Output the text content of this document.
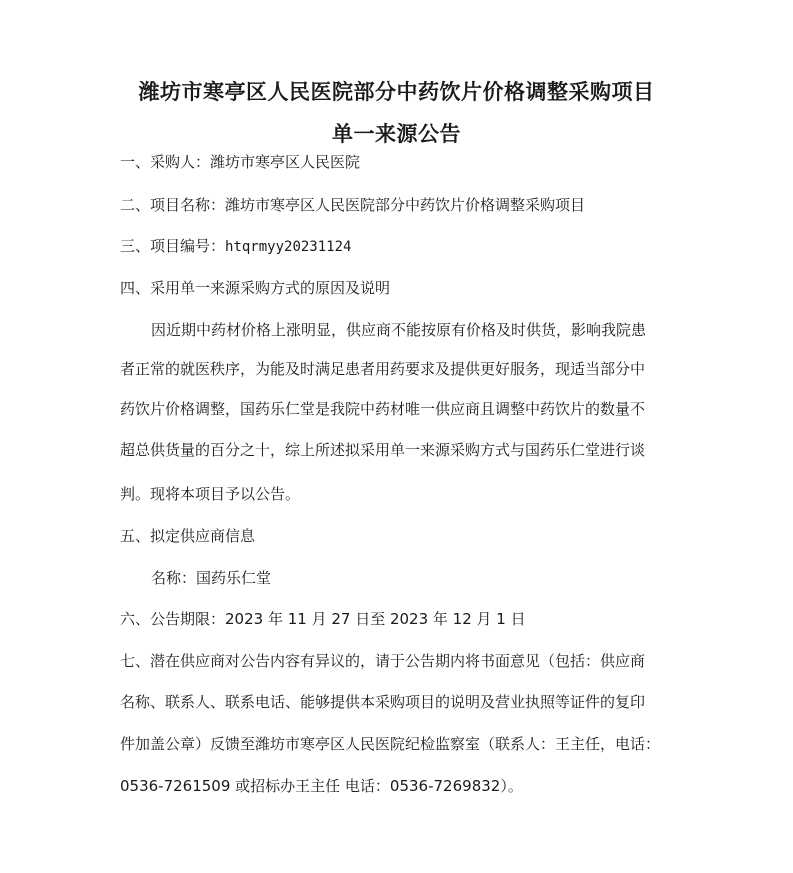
潍坊市寒亭区人民医院部分中药饮片价格调整采购项目
单一来源公告

一、采购人：潍坊市寒亭区人民医院

二、项目名称：潍坊市寒亭区人民医院部分中药饮片价格调整采购项目

三、项目编号：htqrmyy20231124

四、采用单一来源采购方式的原因及说明

因近期中药材价格上涨明显，供应商不能按原有价格及时供货，影响我院患

者正常的就医秩序，为能及时满足患者用药要求及提供更好服务，现适当部分中

药饮片价格调整，国药乐仁堂是我院中药材唯一供应商且调整中药饮片的数量不

超总供货量的百分之十，综上所述拟采用单一来源采购方式与国药乐仁堂进行谈

判。现将本项目予以公告。

五、拟定供应商信息

名称：国药乐仁堂

六、公告期限：2023 年 11 月 27 日至 2023 年 12 月 1 日

七、潜在供应商对公告内容有异议的，请于公告期内将书面意见（包括：供应商

名称、联系人、联系电话、能够提供本采购项目的说明及营业执照等证件的复印

件加盖公章）反馈至潍坊市寒亭区人民医院纪检监察室（联系人：王主任，电话：

0536-7261509 或招标办王主任 电话：0536-7269832）。
